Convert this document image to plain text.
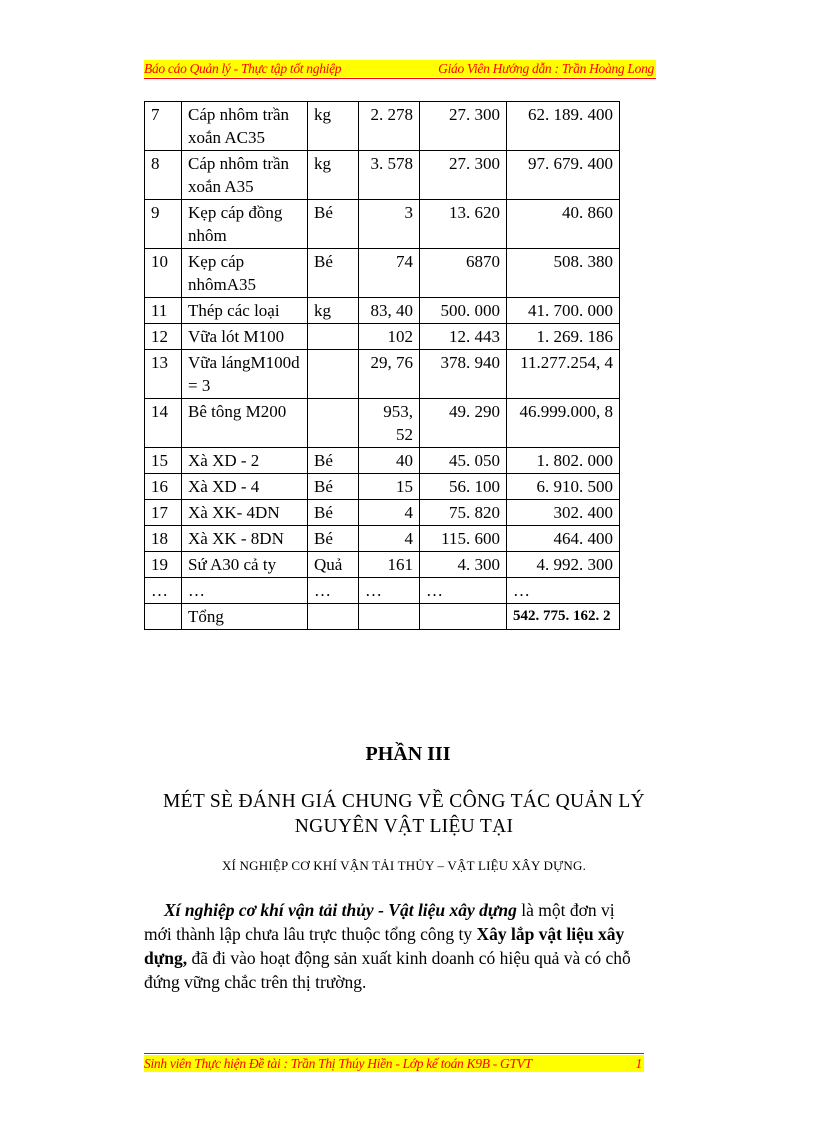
Báo cáo Quản lý - Thực tập tốt nghiệp	Giáo Viên Hướng dẫn : Trần Hoàng Long
7	Cáp nhôm trần xoắn AC35	kg	2. 278	27. 300	62. 189. 400
8	Cáp nhôm trần xoắn A35	kg	3. 578	27. 300	97. 679. 400
9	Kẹp cáp đồng nhôm	Bé	3	13. 620	40. 860
10	Kẹp cáp nhômA35	Bé	74	6870	508. 380
11	Thép các loại	kg	83, 40	500. 000	41. 700. 000
12	Vữa lót M100		102	12. 443	1. 269. 186
13	Vữa lángM100d = 3		29, 76	378. 940	11.277.254, 4
14	Bê tông M200		953, 52	49. 290	46.999.000, 8
15	Xà XD - 2	Bé	40	45. 050	1. 802. 000
16	Xà XD - 4	Bé	15	56. 100	6. 910. 500
17	Xà XK- 4DN	Bé	4	75. 820	302. 400
18	Xà XK - 8DN	Bé	4	115. 600	464. 400
19	Sứ A30 cả ty	Quả	161	4. 300	4. 992. 300
…	…	…	…	…	…
	Tổng				542. 775. 162. 2
PHẦN III
MÉT SÈ ĐÁNH GIÁ CHUNG VỀ CÔNG TÁC QUẢN LÝ NGUYÊN VẬT LIỆU TẠI
XÍ NGHIỆP CƠ KHÍ VẬN TẢI THỦY – VẬT LIỆU XÂY DỰNG.
Xí nghiệp cơ khí vận tải thủy - Vật liệu xây dựng là một đơn vị mới thành lập chưa lâu trực thuộc tổng công ty Xây lắp vật liệu xây dựng, đã đi vào hoạt động sản xuất kinh doanh có hiệu quả và có chỗ đứng vững chắc trên thị trường.
Sinh viên Thực hiện Đề tài : Trần Thị Thúy Hiền - Lớp kế toán K9B - GTVT	1
